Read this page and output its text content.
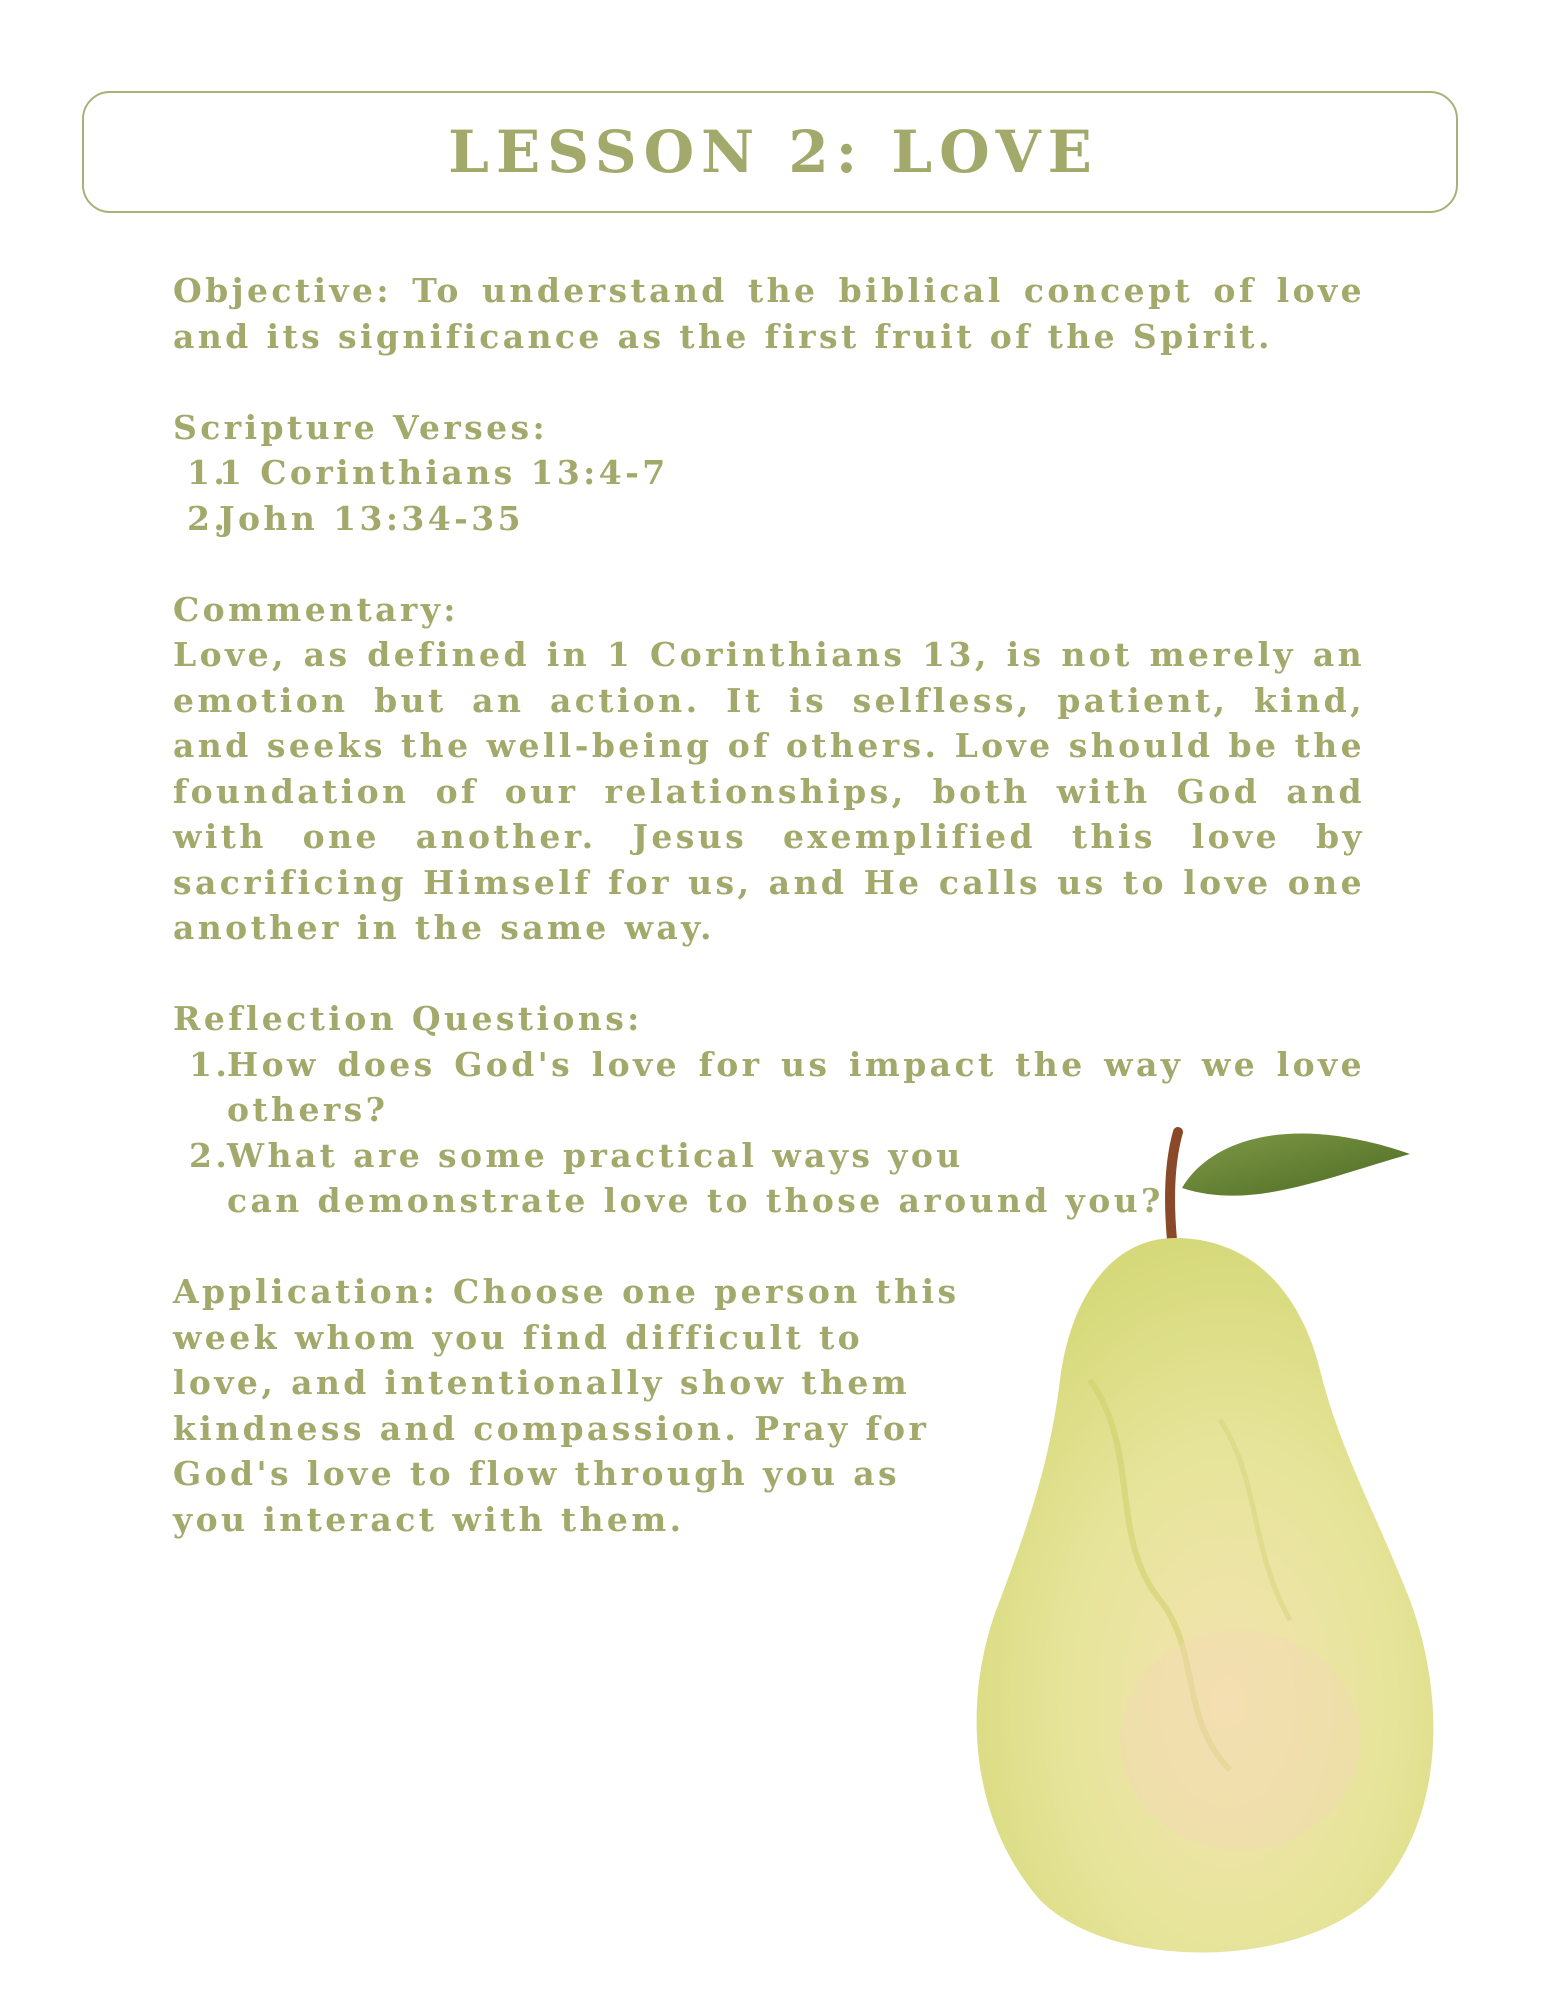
LESSON 2: LOVE

Objective: To understand the biblical concept of love and its significance as the first fruit of the Spirit.

Scripture Verses:
1.
1 Corinthians 13:4-7
2.
John 13:34-35
Commentary:

Love, as defined in 1 Corinthians 13, is not merely an emotion but an action. It is selfless, patient, kind, and seeks the well-being of others. Love should be the foundation of our relationships, both with God and with one another. Jesus exemplified this love by sacrificing Himself for us, and He calls us to love one another in the same way.

Reflection Questions:
1.
How does God's love for us impact the way we love others?
2.
What are some practical ways you
can demonstrate love to those around you?

Application: Choose one person this week whom you find difficult to love, and intentionally show them kindness and compassion. Pray for God's love to flow through you as you interact with them.
